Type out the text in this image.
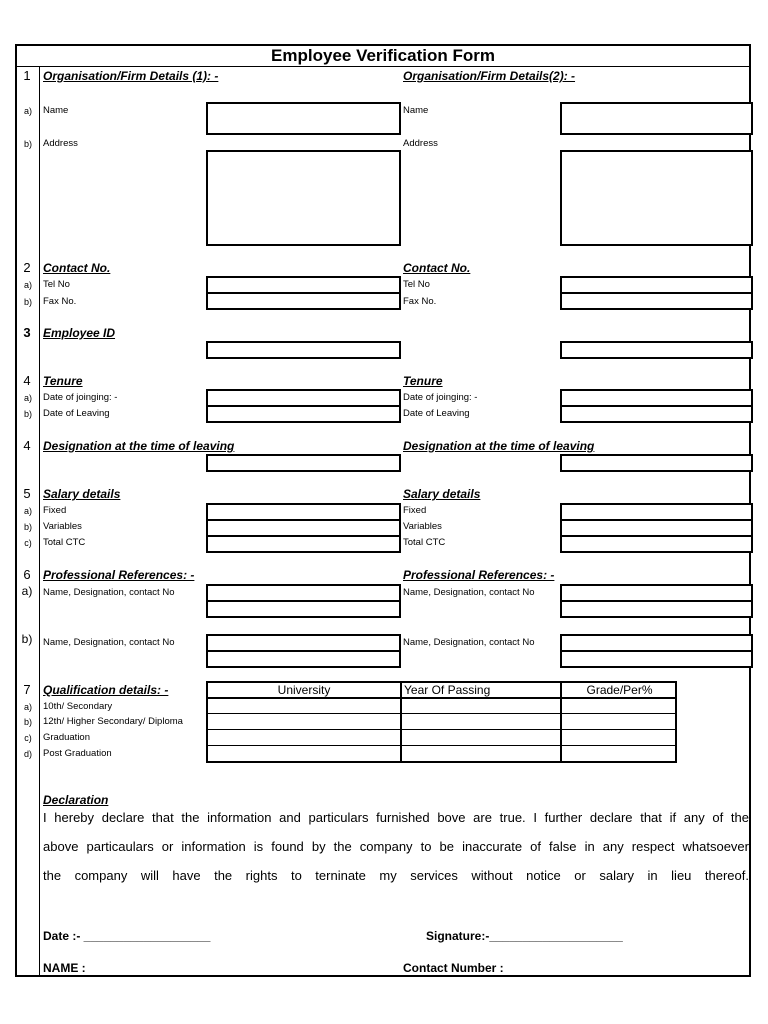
Employee Verification Form
1	Organisation/Firm Details (1): -	Organisation/Firm Details(2): -
a)	Name	Name
b)	Address	Address
2	Contact No.	Contact No.
a)	Tel No	Tel No
b)	Fax No.	Fax No.
3	Employee ID
4	Tenure	Tenure
a)	Date of joinging: -	Date of joinging: -
b)	Date of Leaving	Date of Leaving	`
4	Designation at the time of leaving	Designation at the time of leaving
5	Salary details	Salary details
a)	Fixed	Fixed
b)	Variables	Variables
c)	Total CTC	Total CTC
6	Professional References: -	Professional References: -
a)	Name, Designation, contact No	Name, Designation, contact No
b)	Name, Designation, contact No	Name, Designation, contact No
7	Qualification details: -	University	Year Of Passing	Grade/Per%
a)	10th/ Secondary
b)	12th/ Higher Secondary/ Diploma
c)	Graduation
d)	Post Graduation
Declaration
I hereby declare that the information and particulars furnished bove are true. I further declare that if any of the
above particaulars or information is found by the company to be inaccurate of false in any respect whatsoever
the company will have the rights to terninate my services without notice or salary in lieu thereof.
Date :- ___________________	Signature:-____________________
NAME :	Contact Number :
